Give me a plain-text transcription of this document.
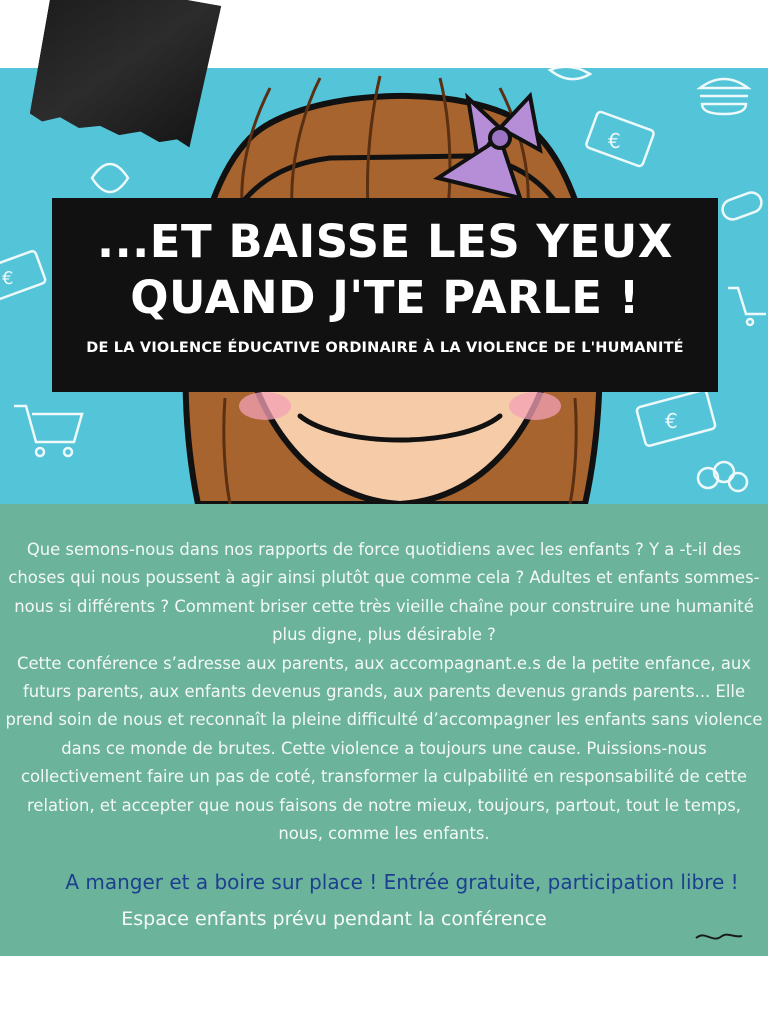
€
€
€
...ET BAISSE LES YEUX
QUAND J'TE PARLE !
DE LA VIOLENCE ÉDUCATIVE ORDINAIRE À LA VIOLENCE DE L'HUMANITÉ

Que semons-nous dans nos rapports de force quotidiens avec les enfants ? Y a -t-il des choses qui nous poussent à agir ainsi plutôt que comme cela ? Adultes et enfants sommes-nous si différents ? Comment briser cette très vieille chaîne pour construire une humanité plus digne, plus désirable ?

Cette conférence s’adresse aux parents, aux accompagnant.e.s de la petite enfance, aux futurs parents, aux enfants devenus grands, aux parents devenus grands parents... Elle prend soin de nous et reconnaît la pleine difficulté d’accompagner les enfants sans violence dans ce monde de brutes. Cette violence a toujours une cause. Puissions-nous collectivement faire un pas de coté, transformer la culpabilité en responsabilité de cette relation, et accepter que nous faisons de notre mieux, toujours, partout, tout le temps, nous, comme les enfants.

A manger et a boire sur place ! Entrée gratuite, participation libre !
Espace enfants prévu pendant la conférence
